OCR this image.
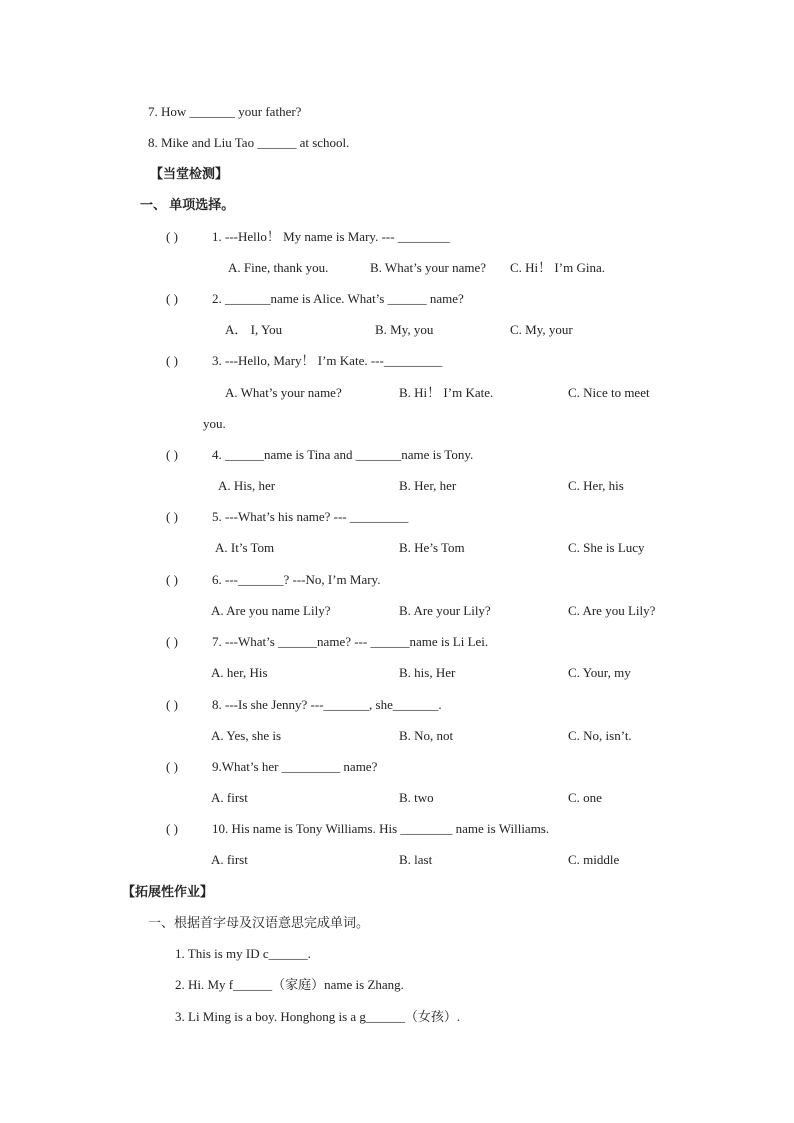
7. How _______ your father?
8. Mike and Liu Tao ______ at school.
【当堂检测】
一、 单项选择。
( )	1. ---Hello！ My name is Mary. --- ________
A. Fine, thank you.	B. What’s your name? C. Hi！ I’m Gina.
( )	2. _______name is Alice. What’s ______ name?
A． I, You	B. My, you	C. My, your
( )	3. ---Hello, Mary！ I’m Kate. ---_________
A. What’s your name?	B. Hi！ I’m Kate.	C. Nice to meet
you.
( )	4. ______name is Tina and _______name is Tony.
A. His, her	B. Her, her	C. Her, his
( )	5. ---What’s his name? --- _________
A. It’s Tom	B. He’s Tom	C. She is Lucy
( )	6. ---_______? ---No, I’m Mary.
A. Are you name Lily?	B. Are your Lily?	C. Are you Lily?
( )	7. ---What’s ______name? --- ______name is Li Lei.
A. her, His	B. his, Her	C. Your, my
( )	8. ---Is she Jenny? ---_______, she_______.
A. Yes, she is	B. No, not	C. No, isn’t.
( )	9.What’s her _________ name?
A. first	B. two	C. one
( )	10. His name is Tony Williams. His ________ name is Williams.
A. first	B. last	C. middle
【拓展性作业】
一、根据首字母及汉语意思完成单词。
1. This is my ID c______.
2. Hi. My f______（家庭）name is Zhang.
3. Li Ming is a boy. Honghong is a g______（女孩）.
